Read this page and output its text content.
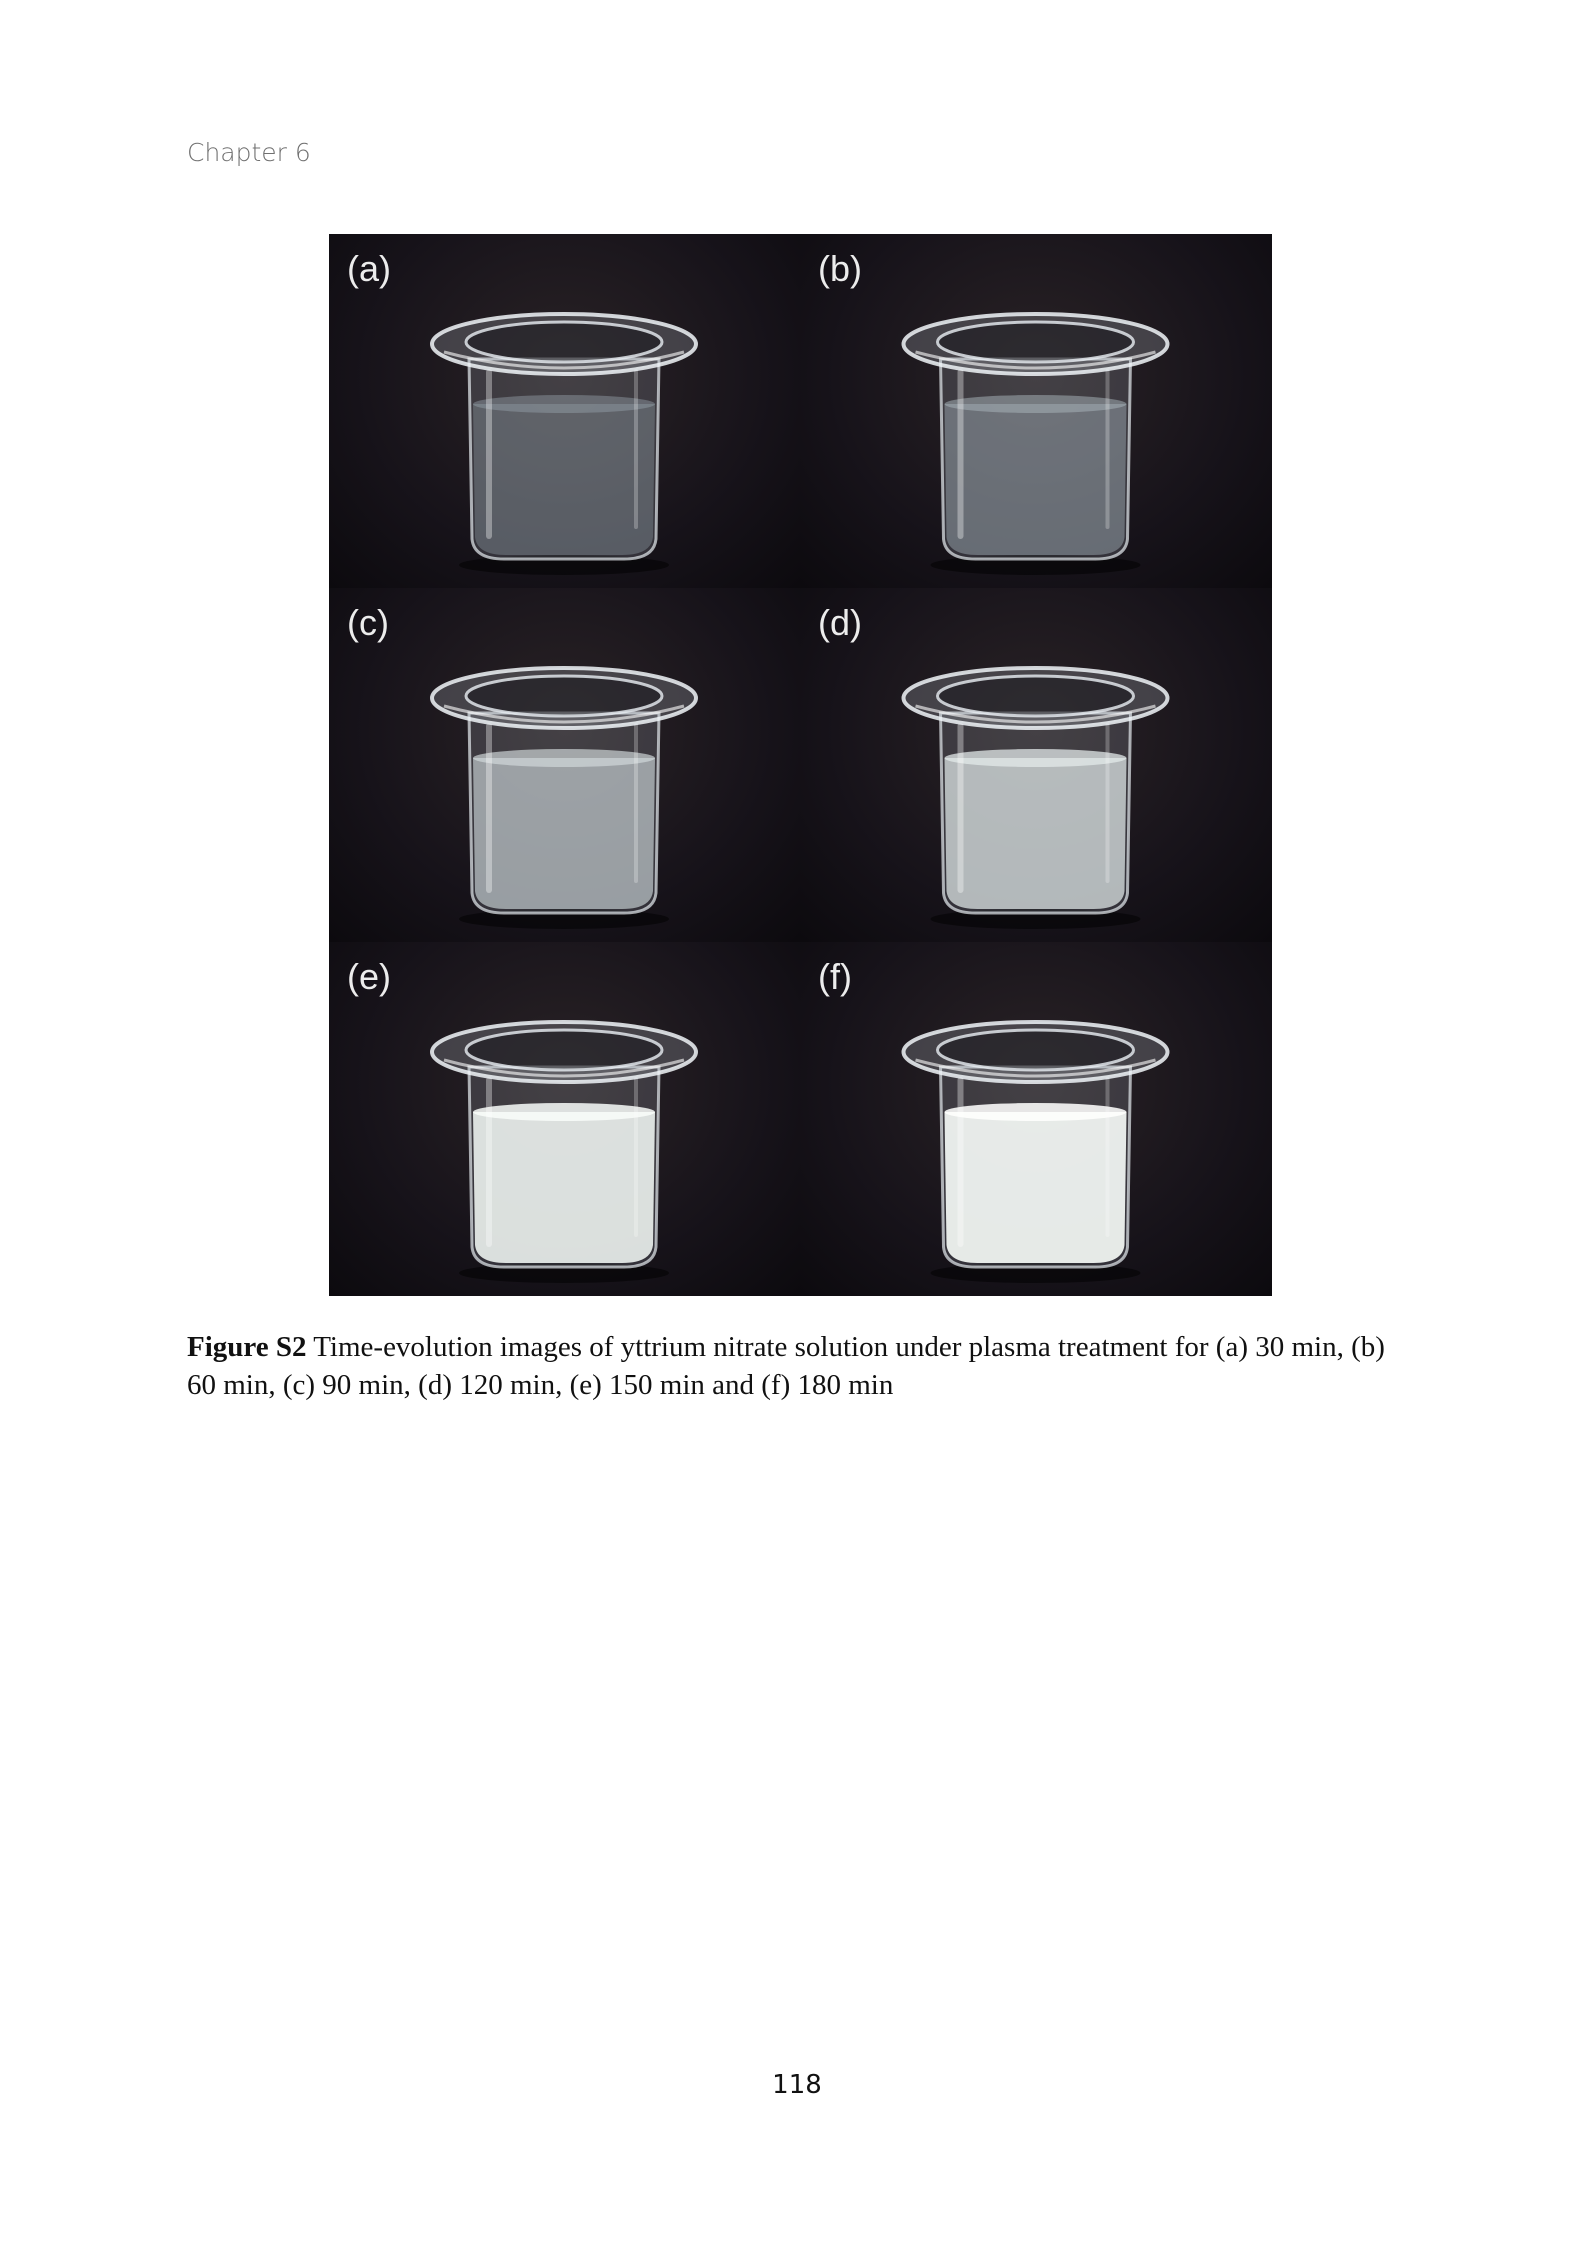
Chapter 6
(a)	(b)
(c)	(d)
(e)	(f)
Figure S2 Time-evolution images of yttrium nitrate solution under plasma treatment for (a) 30 min, (b) 60 min, (c) 90 min, (d) 120 min, (e) 150 min and (f) 180 min
118
